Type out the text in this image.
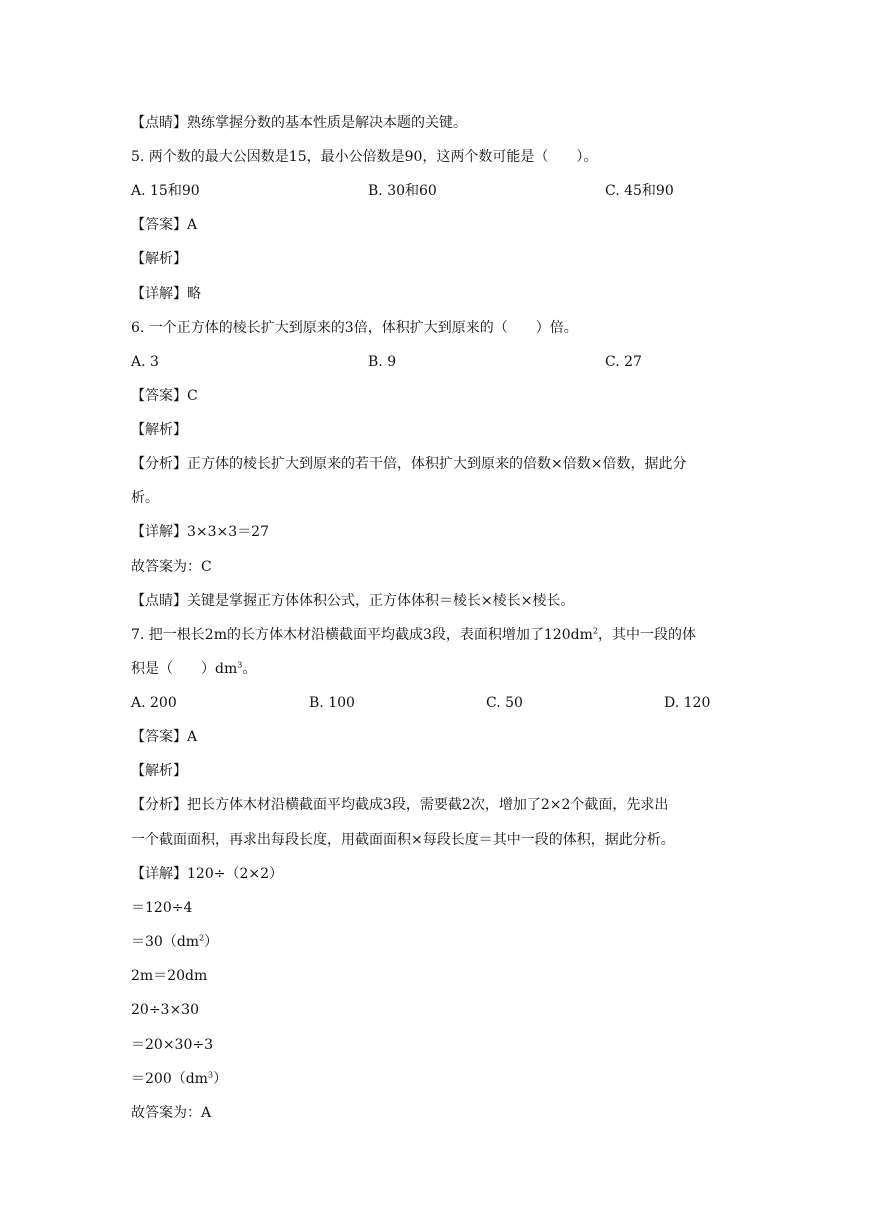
【点睛】熟练掌握分数的基本性质是解决本题的关键。
5. 两个数的最大公因数是15，最小公倍数是90，这两个数可能是（　　）。
A. 15和90	B. 30和60	C. 45和90
【答案】A
【解析】
【详解】略
6. 一个正方体的棱长扩大到原来的3倍，体积扩大到原来的（　　）倍。
A. 3	B. 9	C. 27
【答案】C
【解析】
【分析】正方体的棱长扩大到原来的若干倍，体积扩大到原来的倍数×倍数×倍数，据此分
析。
【详解】3×3×3＝27
故答案为：C
【点睛】关键是掌握正方体体积公式，正方体体积＝棱长×棱长×棱长。
7. 把一根长2m的长方体木材沿横截面平均截成3段，表面积增加了$120dm^2$，其中一段的体
积是（　　）$dm^3$。
A. 200	B. 100	C. 50	D. 120
【答案】A
【解析】
【分析】把长方体木材沿横截面平均截成3段，需要截2次，增加了2×2个截面，先求出
一个截面面积，再求出每段长度，用截面面积×每段长度＝其中一段的体积，据此分析。
【详解】120÷（2×2）
＝120÷4
$=30(dm^2)$
2m＝20dm
20÷3×30
＝20×30÷3
$=200(dm^3)$
故答案为：A
